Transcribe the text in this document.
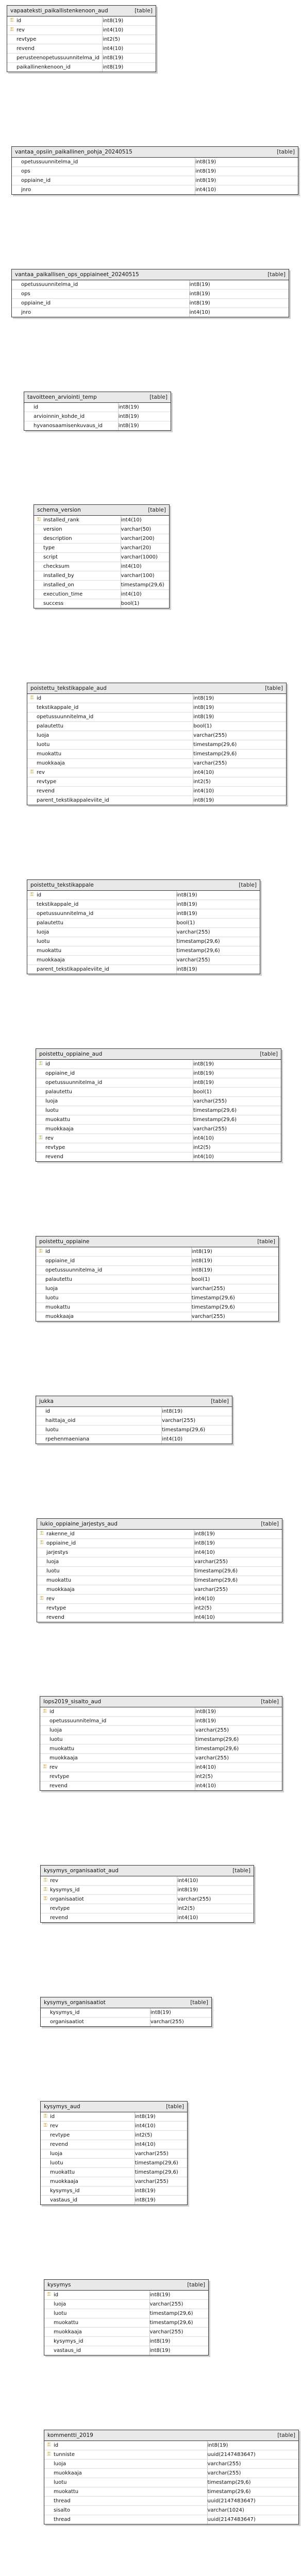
vapaateksti_paikallistenkenoon_aud	[table]
⚿ id	int8(19)
⚿ rev	int4(10)
revtype	int2(5)
revend	int4(10)
perusteenopetussuunnitelma_id int8(19)
paikallinenkenoon_id	int8(19)
vantaa_opsiin_paikallinen_pohja_20240515	[table]
opetussuunnitelma_id	int8(19)
ops	int8(19)
oppiaine_id	int8(19)
jnro	int4(10)
vantaa_paikallisen_ops_oppiaineet_20240515	[table]
opetussuunnitelma_id	int8(19)
ops	int8(19)
oppiaine_id	int8(19)
jnro	int4(10)
tavoitteen_arviointi_temp	[table]
id	int8(19)
arvioinnin_kohde_id	int8(19)
hyvanosaamisenkuvaus_id	int8(19)
schema_version	[table]
⚿ installed_rank	int4(10)
version	varchar(50)
description	varchar(200)
type	varchar(20)
script	varchar(1000)
checksum	int4(10)
installed_by	varchar(100)
installed_on	timestamp(29,6)
execution_time	int4(10)
success	bool(1)
poistettu_tekstikappale_aud	[table]
⚿ id	int8(19)
tekstikappale_id	int8(19)
opetussuunnitelma_id	int8(19)
palautettu	bool(1)
luoja	varchar(255)
luotu	timestamp(29,6)
muokattu	timestamp(29,6)
muokkaaja	varchar(255)
⚿ rev	int4(10)
revtype	int2(5)
revend	int4(10)
parent_tekstikappaleviite_id	int8(19)
poistettu_tekstikappale	[table]
⚿ id	int8(19)
tekstikappale_id	int8(19)
opetussuunnitelma_id	int8(19)
palautettu	bool(1)
luoja	varchar(255)
luotu	timestamp(29,6)
muokattu	timestamp(29,6)
muokkaaja	varchar(255)
parent_tekstikappaleviite_id	int8(19)
poistettu_oppiaine_aud	[table]
⚿ id	int8(19)
oppiaine_id	int8(19)
opetussuunnitelma_id	int8(19)
palautettu	bool(1)
luoja	varchar(255)
luotu	timestamp(29,6)
muokattu	timestamp(29,6)
muokkaaja	varchar(255)
⚿ rev	int4(10)
revtype	int2(5)
revend	int4(10)
poistettu_oppiaine	[table]
⚿ id	int8(19)
oppiaine_id	int8(19)
opetussuunnitelma_id	int8(19)
palautettu	bool(1)
luoja	varchar(255)
luotu	timestamp(29,6)
muokattu	timestamp(29,6)
muokkaaja	varchar(255)
jukka	[table]
id	int8(19)
haittaja_oid	varchar(255)
luotu	timestamp(29,6)
rpehenmaeniana	int4(10)
lukio_oppiaine_jarjestys_aud	[table]
⚿ rakenne_id	int8(19)
⚿ oppiaine_id	int8(19)
jarjestys	int4(10)
luoja	varchar(255)
luotu	timestamp(29,6)
muokattu	timestamp(29,6)
muokkaaja	varchar(255)
⚿ rev	int4(10)
revtype	int2(5)
revend	int4(10)
lops2019_sisalto_aud	[table]
⚿ id	int8(19)
opetussuunnitelma_id	int8(19)
luoja	varchar(255)
luotu	timestamp(29,6)
muokattu	timestamp(29,6)
muokkaaja	varchar(255)
⚿ rev	int4(10)
revtype	int2(5)
revend	int4(10)
kysymys_organisaatiot_aud	[table]
⚿ rev	int4(10)
⚿ kysymys_id	int8(19)
⚿ organisaatiot	varchar(255)
revtype	int2(5)
revend	int4(10)
kysymys_organisaatiot	[table]
kysymys_id	int8(19)
organisaatiot	varchar(255)
kysymys_aud	[table]
⚿ id	int8(19)
⚿ rev	int4(10)
revtype	int2(5)
revend	int4(10)
luoja	varchar(255)
luotu	timestamp(29,6)
muokattu	timestamp(29,6)
muokkaaja	varchar(255)
kysymys_id	int8(19)
vastaus_id	int8(19)
kysymys	[table]
⚿ id	int8(19)
luoja	varchar(255)
luotu	timestamp(29,6)
muokattu	timestamp(29,6)
muokkaaja	varchar(255)
kysymys_id	int8(19)
vastaus_id	int8(19)
kommentti_2019	[table]
⚿ id	int8(19)
⚿ tunniste	uuid(2147483647)
luoja	varchar(255)
muokkaaja	varchar(255)
luotu	timestamp(29,6)
muokattu	timestamp(29,6)
thread	uuid(2147483647)
sisalto	varchar(1024)
thread	uuid(2147483647)
